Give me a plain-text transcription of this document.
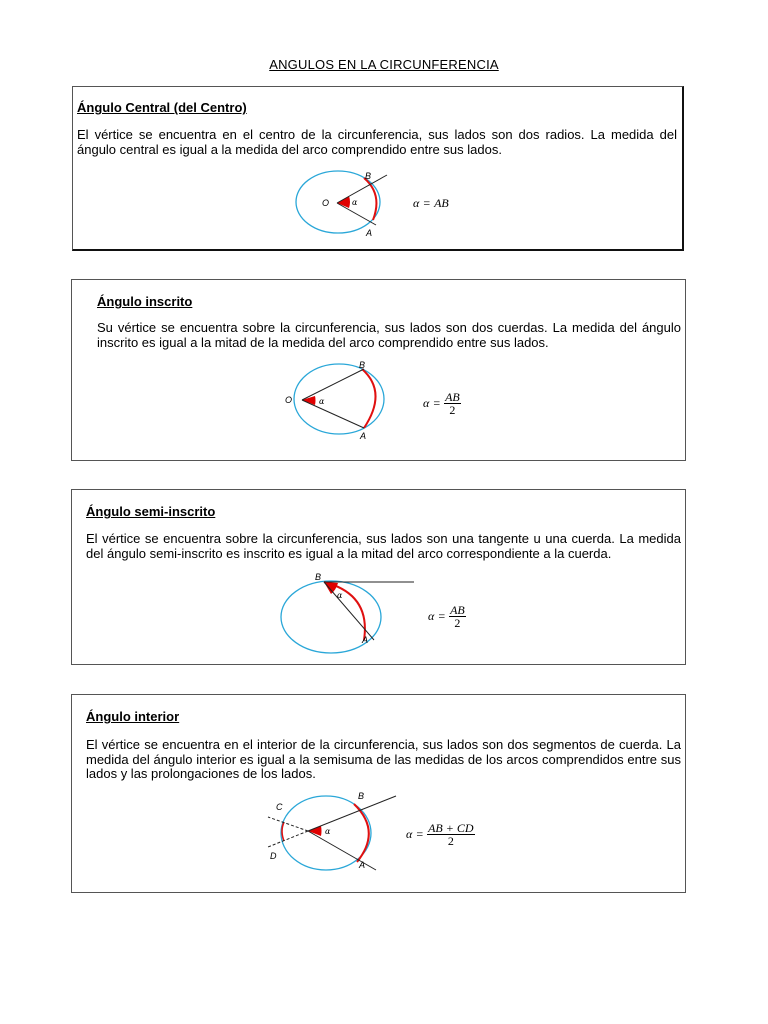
ANGULOS EN LA CIRCUNFERENCIA
Ángulo Central (del Centro)

El vértice se encuentra en el centro de la circunferencia, sus lados son dos radios. La medida del ángulo central es igual a la medida del arco comprendido entre sus lados.

O
B
A
α	α = AB
Ángulo inscrito

Su vértice se encuentra sobre la circunferencia, sus lados son dos cuerdas. La medida del ángulo inscrito es igual a la mitad de la medida del arco comprendido entre sus lados.

O
B
A
α	$\alpha = \frac{AB}{2}$
Ángulo semi-inscrito

El vértice se encuentra sobre la circunferencia, sus lados son una tangente u una cuerda. La medida del ángulo semi-inscrito es inscrito es igual a la mitad del arco correspondiente a la cuerda.

B
A
α
$\alpha = \frac{AB}{2}$
Ángulo interior

El vértice se encuentra en el interior de la circunferencia, sus lados son dos segmentos de cuerda. La medida del ángulo interior es igual a la semisuma de las medidas de los arcos comprendidos entre sus lados y las prolongaciones de los lados.

C
D
B
A
α	$\alpha = \frac{AB + CD}{2}$
